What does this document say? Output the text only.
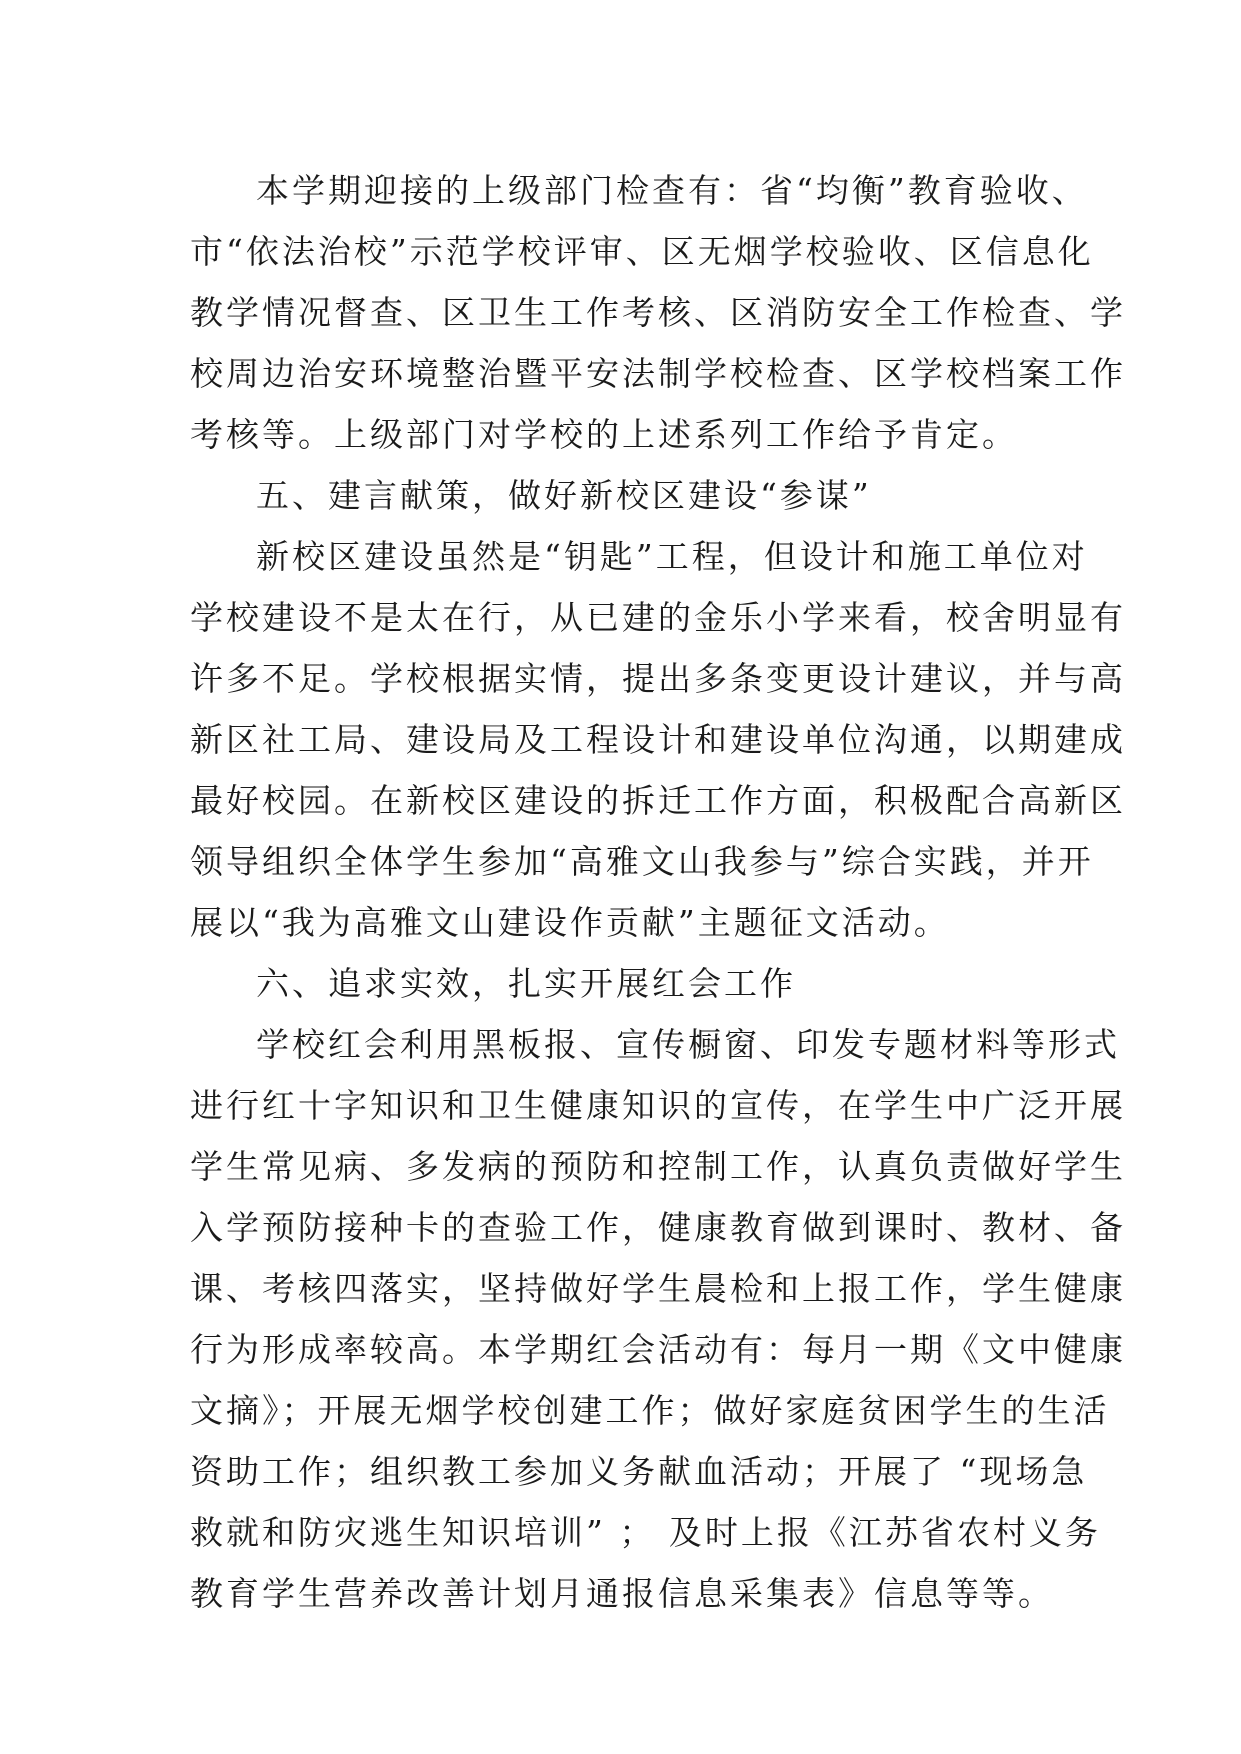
本学期迎接的上级部门检查有：省“均衡”教育验收、
市“依法治校”示范学校评审、区无烟学校验收、区信息化
教学情况督查、区卫生工作考核、区消防安全工作检查、学
校周边治安环境整治暨平安法制学校检查、区学校档案工作
考核等。上级部门对学校的上述系列工作给予肯定。
五、建言献策，做好新校区建设“参谋”
新校区建设虽然是“钥匙”工程，但设计和施工单位对
学校建设不是太在行，从已建的金乐小学来看，校舍明显有
许多不足。学校根据实情，提出多条变更设计建议，并与高
新区社工局、建设局及工程设计和建设单位沟通，以期建成
最好校园。在新校区建设的拆迁工作方面，积极配合高新区
领导组织全体学生参加“高雅文山我参与”综合实践，并开
展以“我为高雅文山建设作贡献”主题征文活动。
六、追求实效，扎实开展红会工作
学校红会利用黑板报、宣传橱窗、印发专题材料等形式
进行红十字知识和卫生健康知识的宣传，在学生中广泛开展
学生常见病、多发病的预防和控制工作，认真负责做好学生
入学预防接种卡的查验工作，健康教育做到课时、教材、备
课、考核四落实，坚持做好学生晨检和上报工作，学生健康
行为形成率较高。本学期红会活动有：每月一期《文中健康
文摘》；开展无烟学校创建工作；做好家庭贫困学生的生活
资助工作；组织教工参加义务献血活动；开展了 “现场急
救就和防灾逃生知识培训” ； 及时上报《江苏省农村义务
教育学生营养改善计划月通报信息采集表》信息等等。
